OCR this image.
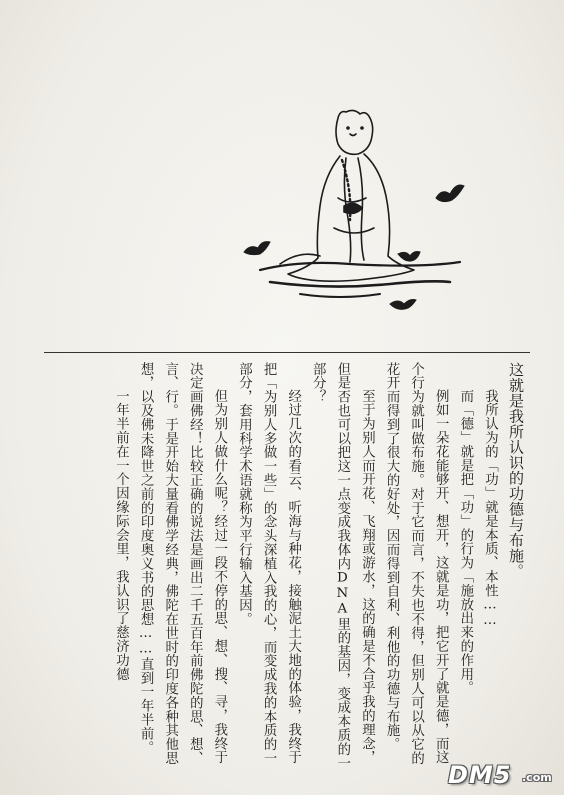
这就是我所认识的功德与布施。

我所认为的「功」就是本质、本性……

而「德」就是把「功」的行为「施放出来的作用。

例如一朵花能够开、想开，这就是功，把它开了就是德，而这个行为就叫做布施。对于它而言，不失也不得，但别人可以从它的花开而得到了很大的好处，因而得到自利、利他的功德与布施。

至于为别人而开花、飞翔或游水，这的确是不合乎我的理念，但是否也可以把这一点变成我体内DNA里的基因，变成本质的一部分？

经过几次的看云、听海与种花，接触泥土大地的体验，我终于把「为别人多做一些」的念头深植入我的心，而变成我的本质的一部分，套用科学术语就称为平行输入基因。

但为别人做什么呢？经过一段不停的思、想、搜、寻，我终于决定画佛经！比较正确的说法是画出二千五百年前佛陀的思、想、言、行。于是开始大量看佛学经典，佛陀在世时的印度各种其他思想，以及佛未降世之前的印度奥义书的思想……直到一年半前。

一年半前在一个因缘际会里，我认识了慈济功德

DM5 .com
